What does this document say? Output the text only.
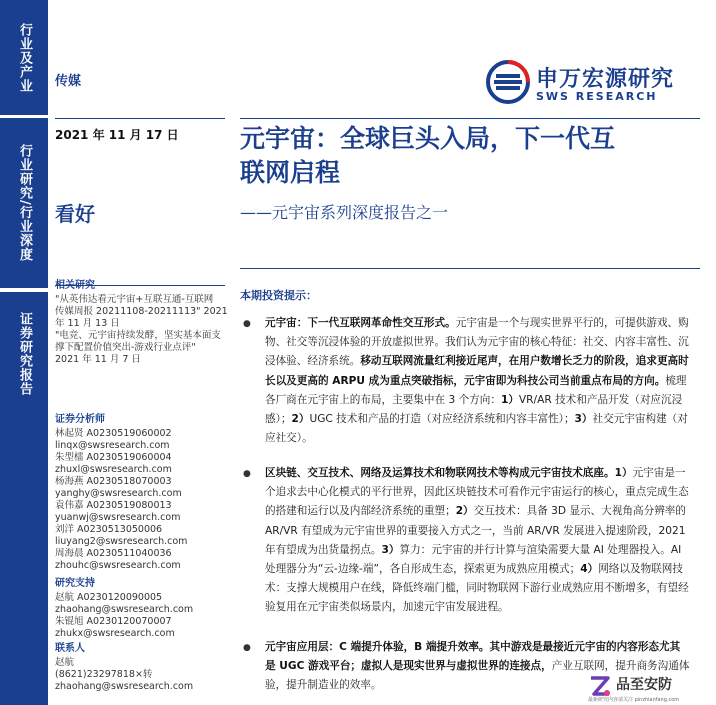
行业及产业
行业研究/行业深度
证券研究报告
传媒	申万宏源研究
SWS RESEARCH
2021 年 11 月 17 日
看好
元宇宙：全球巨头入局，下一代互
联网启程
——元宇宙系列深度报告之一
相关研究
"从英伟达看元宇宙+互联互通-互联网
传媒周报 20211108-20211113" 2021
年 11 月 13 日
"电竞、元宇宙持续发酵，坚实基本面支
撑下配置价值突出-游戏行业点评"
2021 年 11 月 7 日
证券分析师
林起贤 A0230519060002
linqx@swsresearch.com
朱型檑 A0230519060004
zhuxl@swsresearch.com
杨海燕 A0230518070003
yanghy@swsresearch.com
袁伟嘉 A0230519080013
yuanwj@swsresearch.com
刘洋 A0230513050006
liuyang2@swsresearch.com
周海晨 A0230511040036
zhouhc@swsresearch.com
研究支持
赵航 A0230120090005
zhaohang@swsresearch.com
朱锟旭 A0230120070007
zhukx@swsresearch.com
联系人
赵航
(8621)23297818×转
zhaohang@swsresearch.com
本期投资提示：
● 元宇宙：下一代互联网革命性交互形式。元宇宙是一个与现实世界平行的，可提供游戏、购物、社交等沉浸体验的开放虚拟世界。我们认为元宇宙的核心特征：社交、内容丰富性、沉浸体验、经济系统。移动互联网流量红利接近尾声，在用户数增长乏力的阶段，追求更高时长以及更高的 ARPU 成为重点突破指标，元宇宙即为科技公司当前重点布局的方向。梳理各厂商在元宇宙上的布局，主要集中在 3 个方向：1）VR/AR 技术和产品开发（对应沉浸感）；2）UGC 技术和产品的打造（对应经济系统和内容丰富性）；3）社交元宇宙构建（对应社交）。
● 区块链、交互技术、网络及运算技术和物联网技术等构成元宇宙技术底座。1）元宇宙是一个追求去中心化模式的平行世界，因此区块链技术可看作元宇宙运行的核心，重点完成生态的搭建和运行以及内部经济系统的重塑；2）交互技术：具备 3D 显示、大视角高分辨率的 AR/VR 有望成为元宇宙世界的重要接入方式之一，当前 AR/VR 发展进入提速阶段，2021 年有望成为出货量拐点。3）算力：元宇宙的并行计算与渲染需要大量 AI 处理器投入。AI 处理器分为“云-边缘-端”，各自形成生态，探索更为成熟应用模式；4）网络以及物联网技术：支撑大规模用户在线，降低终端门槛，同时物联网下游行业成熟应用不断增多，有望经验复用在元宇宙类似场景内，加速元宇宙发展进程。
● 元宇宙应用层：C 端提升体验，B 端提升效率。其中游戏是最接近元宇宙的内容形态尤其是 UGC 游戏平台；虚拟人是现实世界与虚拟世界的连接点，产业互联网，提升商务沟通体验，提升制造业的效率。	品至安防
最新研究内容请关注 pinzhianfang.com
